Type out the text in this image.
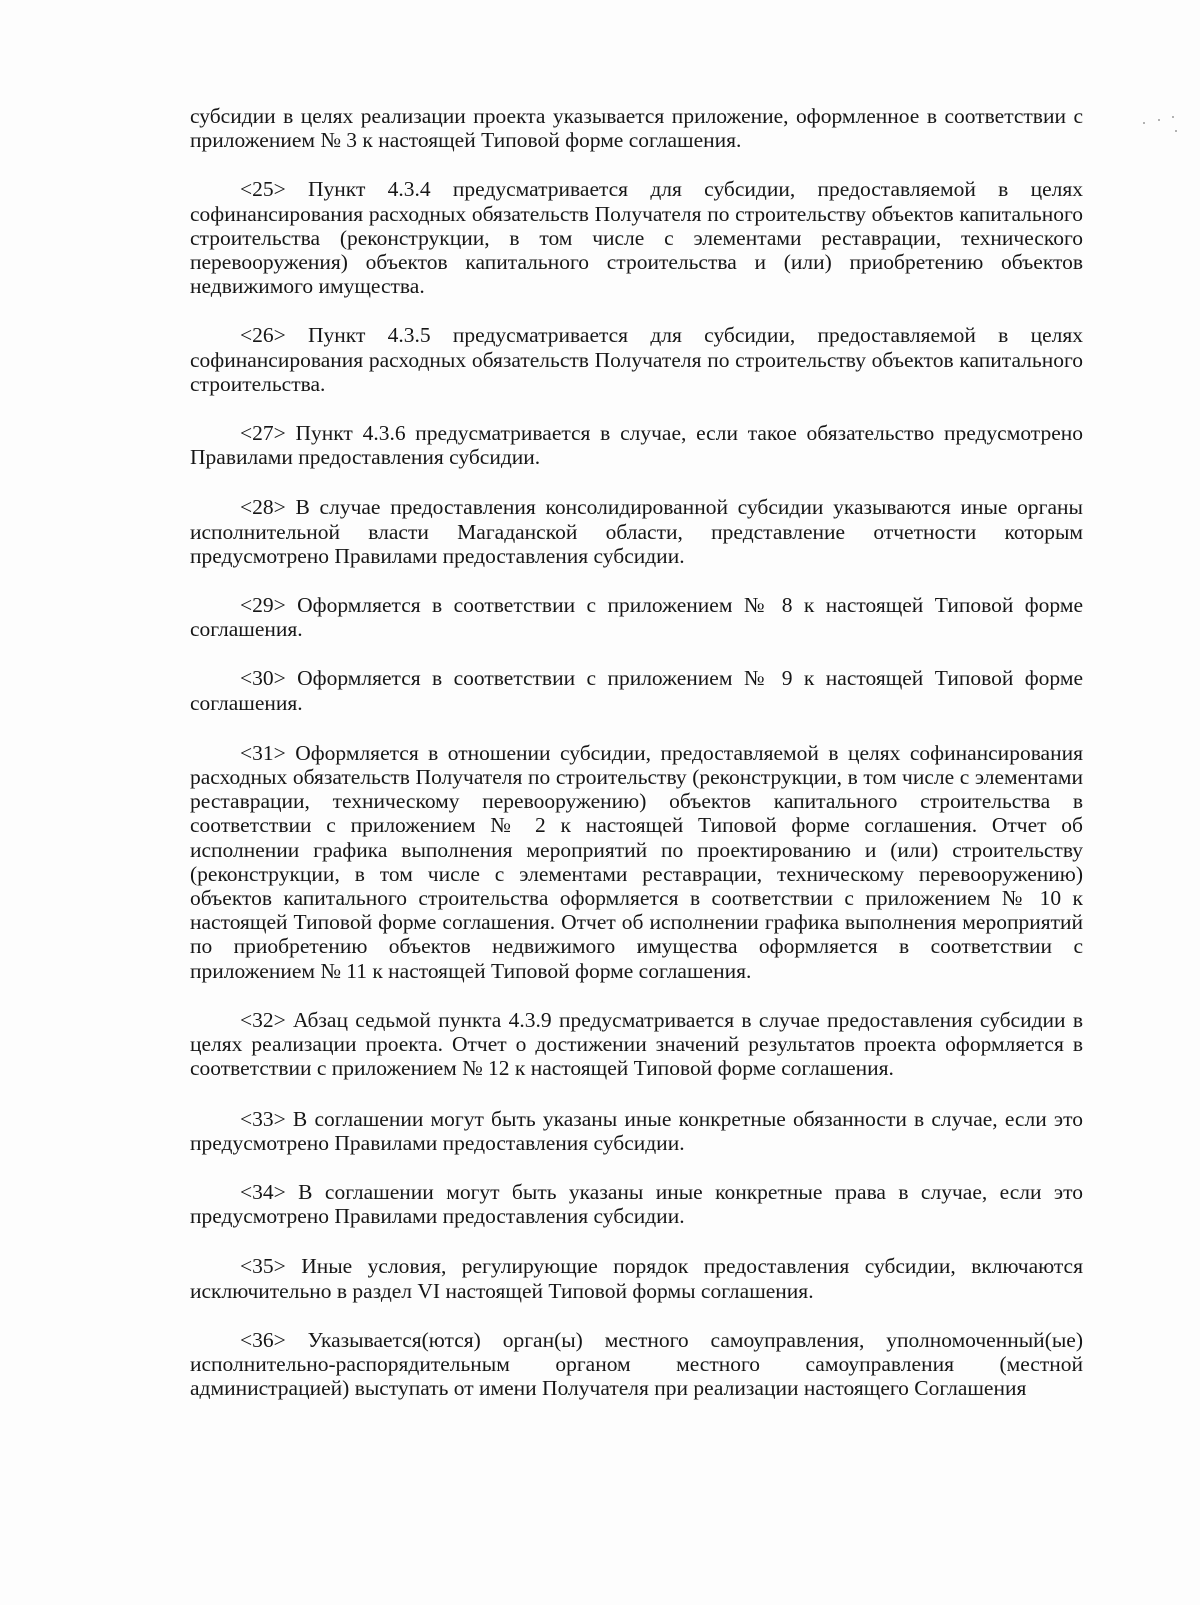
субсидии в целях реализации проекта указывается приложение, оформленное в соответствии с приложением № 3 к настоящей Типовой форме соглашения.

<25> Пункт 4.3.4 предусматривается для субсидии, предоставляемой в целях софинансирования расходных обязательств Получателя по строительству объектов капитального строительства (реконструкции, в том числе с элементами реставрации, технического перевооружения) объектов капитального строительства и (или) приобретению объектов недвижимого имущества.

<26> Пункт 4.3.5 предусматривается для субсидии, предоставляемой в целях софинансирования расходных обязательств Получателя по строительству объектов капитального строительства.

<27> Пункт 4.3.6 предусматривается в случае, если такое обязательство предусмотрено Правилами предоставления субсидии.

<28> В случае предоставления консолидированной субсидии указываются иные органы исполнительной власти Магаданской области, представление отчетности которым предусмотрено Правилами предоставления субсидии.

<29> Оформляется в соответствии с приложением № 8 к настоящей Типовой форме соглашения.

<30> Оформляется в соответствии с приложением № 9 к настоящей Типовой форме соглашения.

<31> Оформляется в отношении субсидии, предоставляемой в целях софинансирования расходных обязательств Получателя по строительству (реконструкции, в том числе с элементами реставрации, техническому перевооружению) объектов капитального строительства в соответствии с приложением № 2 к настоящей Типовой форме соглашения. Отчет об исполнении графика выполнения мероприятий по проектированию и (или) строительству (реконструкции, в том числе с элементами реставрации, техническому перевооружению) объектов капитального строительства оформляется в соответствии с приложением № 10 к настоящей Типовой форме соглашения. Отчет об исполнении графика выполнения мероприятий по приобретению объектов недвижимого имущества оформляется в соответствии с приложением № 11 к настоящей Типовой форме соглашения.

<32> Абзац седьмой пункта 4.3.9 предусматривается в случае предоставления субсидии в целях реализации проекта. Отчет о достижении значений результатов проекта оформляется в соответствии с приложением № 12 к настоящей Типовой форме соглашения.

<33> В соглашении могут быть указаны иные конкретные обязанности в случае, если это предусмотрено Правилами предоставления субсидии.

<34> В соглашении могут быть указаны иные конкретные права в случае, если это предусмотрено Правилами предоставления субсидии.

<35> Иные условия, регулирующие порядок предоставления субсидии, включаются исключительно в раздел VI настоящей Типовой формы соглашения.

<36> Указывается(ются) орган(ы) местного самоуправления, уполномоченный(ые) исполнительно-распорядительным органом местного самоуправления (местной администрацией) выступать от имени Получателя при реализации настоящего Соглашения
